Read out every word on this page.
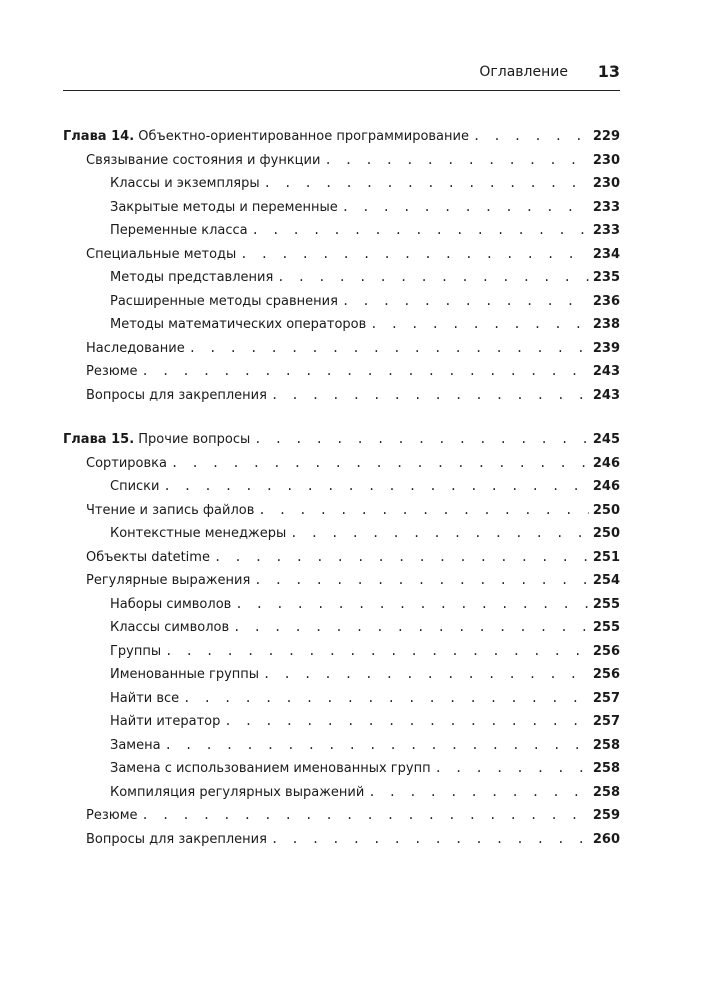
Оглавление 13
Глава 14. Объектно-ориентированное программирование . . .	229
Связывание состояния и функции . . .	230
Классы и экземпляры . . .	230
Закрытые методы и переменные . . .	233
Переменные класса . . .	233
Специальные методы . . .	234
Методы представления . . .	235
Расширенные методы сравнения . . .	236
Методы математических операторов . . .	238
Наследование . . .	239
Резюме . . .	243
Вопросы для закрепления . . .	243
Глава 15. Прочие вопросы . . .	245
Сортировка . . .	246
Списки . . .	246
Чтение и запись файлов . . .	250
Контекстные менеджеры . . .	250
Объекты datetime . . .	251
Регулярные выражения . . .	254
Наборы символов . . .	255
Классы символов . . .	255
Группы . . .	256
Именованные группы . . .	256
Найти все . . .	257
Найти итератор . . .	257
Замена . . .	258
Замена с использованием именованных групп . . .	258
Компиляция регулярных выражений . . .	258
Резюме . . .	259
Вопросы для закрепления . . .	260
